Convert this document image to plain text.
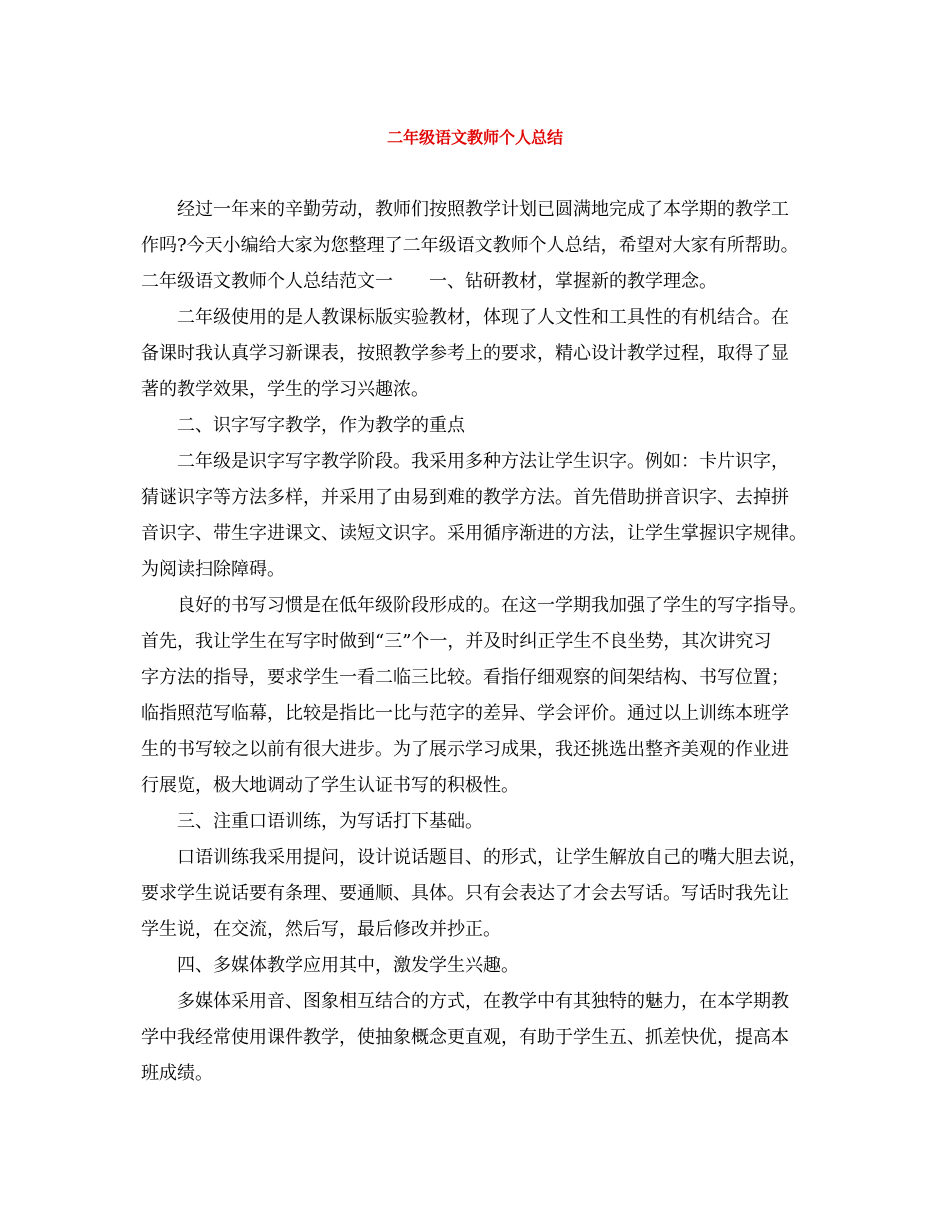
二年级语文教师个人总结
经过一年来的辛勤劳动，教师们按照教学计划已圆满地完成了本学期的教学工
作吗?今天小编给大家为您整理了二年级语文教师个人总结，希望对大家有所帮助。
二年级语文教师个人总结范文一　　一、钻研教材，掌握新的教学理念。
二年级使用的是人教课标版实验教材，体现了人文性和工具性的有机结合。在
备课时我认真学习新课表，按照教学参考上的要求，精心设计教学过程，取得了显
著的教学效果，学生的学习兴趣浓。
二、识字写字教学，作为教学的重点
二年级是识字写字教学阶段。我采用多种方法让学生识字。例如：卡片识字，
猜谜识字等方法多样，并采用了由易到难的教学方法。首先借助拼音识字、去掉拼
音识字、带生字进课文、读短文识字。采用循序渐进的方法，让学生掌握识字规律。
为阅读扫除障碍。
良好的书写习惯是在低年级阶段形成的。在这一学期我加强了学生的写字指导。
首先，我让学生在写字时做到“三”个一，并及时纠正学生不良坐势，其次讲究习
字方法的指导，要求学生一看二临三比较。看指仔细观察的间架结构、书写位置；
临指照范写临幕，比较是指比一比与范字的差异、学会评价。通过以上训练本班学
生的书写较之以前有很大进步。为了展示学习成果，我还挑选出整齐美观的作业进
行展览，极大地调动了学生认证书写的积极性。
三、注重口语训练，为写话打下基础。
口语训练我采用提问，设计说话题目、的形式，让学生解放自己的嘴大胆去说，
要求学生说话要有条理、要通顺、具体。只有会表达了才会去写话。写话时我先让
学生说，在交流，然后写，最后修改并抄正。
四、多媒体教学应用其中，激发学生兴趣。
多媒体采用音、图象相互结合的方式，在教学中有其独特的魅力，在本学期教
学中我经常使用课件教学，使抽象概念更直观，有助于学生五、抓差快优，提高本
班成绩。
